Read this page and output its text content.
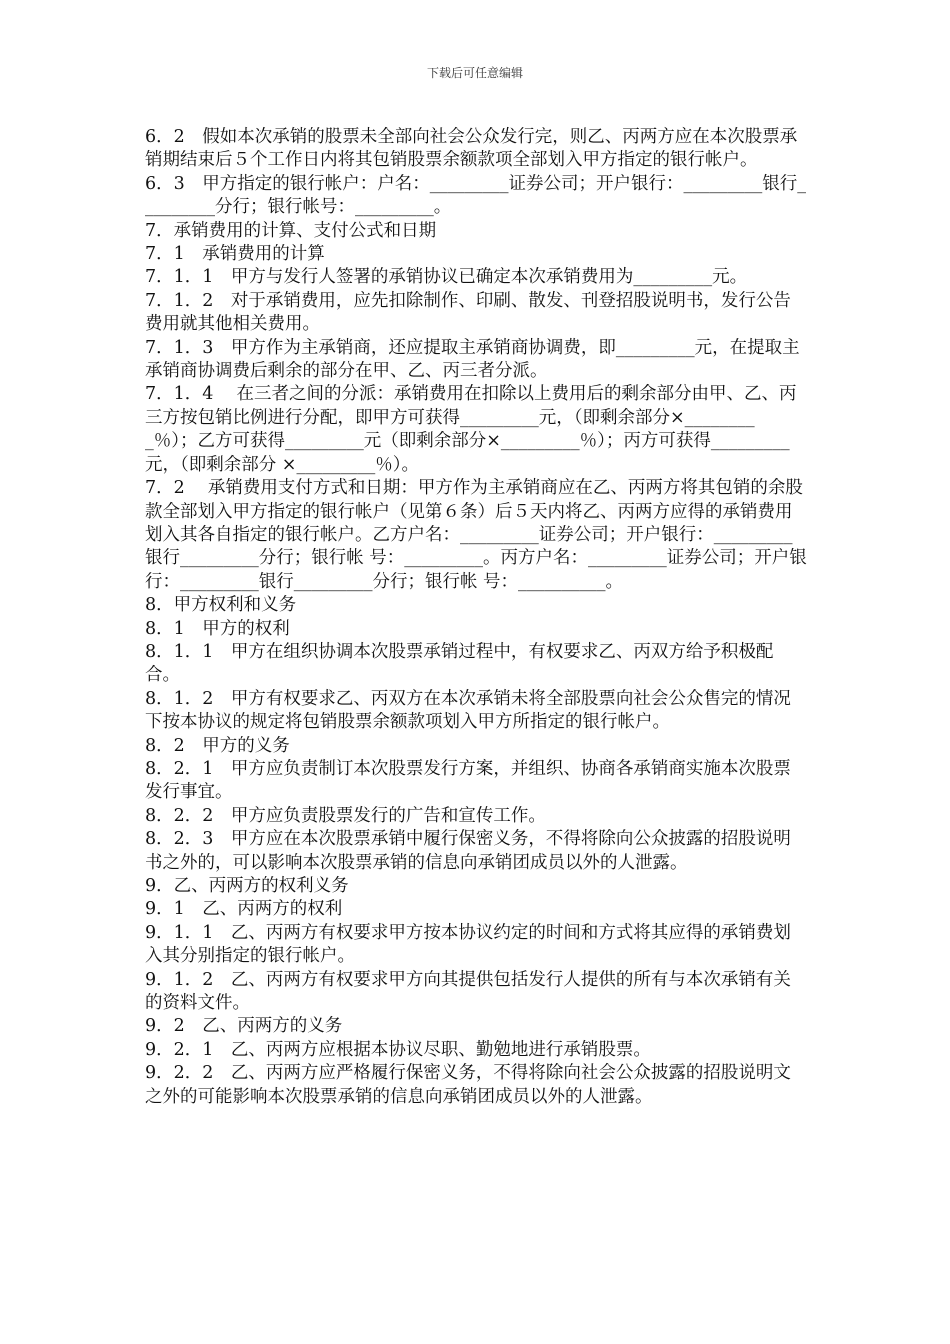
下载后可任意编辑

6．2　假如本次承销的股票未全部向社会公众发行完，则乙、丙两方应在本次股票承销期结束后５个工作日内将其包销股票余额款项全部划入甲方指定的银行帐户。

6．3　甲方指定的银行帐户：户名：_________证券公司；开户银行：_________银行_________分行；银行帐号：_________。

7．承销费用的计算、支付公式和日期

7．1　承销费用的计算

7．1．1　甲方与发行人签署的承销协议已确定本次承销费用为_________元。

7．1．2　对于承销费用，应先扣除制作、印刷、散发、刊登招股说明书，发行公告费用就其他相关费用。

7．1．3　甲方作为主承销商，还应提取主承销商协调费，即_________元，在提取主承销商协调费后剩余的部分在甲、乙、丙三者分派。

7．1．4　 在三者之间的分派：承销费用在扣除以上费用后的剩余部分由甲、乙、丙三方按包销比例进行分配，即甲方可获得_________元，（即剩余部分×_________％）；乙方可获得_________元（即剩余部分×_________％）；丙方可获得_________元，（即剩余部分 ×_________％）。

7．2　 承销费用支付方式和日期：甲方作为主承销商应在乙、丙两方将其包销的余股款全部划入甲方指定的银行帐户（见第６条）后５天内将乙、丙两方应得的承销费用 划入其各自指定的银行帐户。乙方户名：_________证券公司；开户银行：_________银行_________分行；银行帐 号：_________。丙方户名：_________证券公司；开户银行：_________银行_________分行；银行帐 号：__________。

8．甲方权利和义务

8．1　甲方的权利

8．1．1　甲方在组织协调本次股票承销过程中，有权要求乙、丙双方给予积极配合。

8．1．2　甲方有权要求乙、丙双方在本次承销未将全部股票向社会公众售完的情况下按本协议的规定将包销股票余额款项划入甲方所指定的银行帐户。

8．2　甲方的义务

8．2．1　甲方应负责制订本次股票发行方案，并组织、协商各承销商实施本次股票发行事宜。

8．2．2　甲方应负责股票发行的广告和宣传工作。

8．2．3　甲方应在本次股票承销中履行保密义务，不得将除向公众披露的招股说明书之外的，可以影响本次股票承销的信息向承销团成员以外的人泄露。

9．乙、丙两方的权利义务

9．1　乙、丙两方的权利

9．1．1　乙、丙两方有权要求甲方按本协议约定的时间和方式将其应得的承销费划入其分别指定的银行帐户。

9．1．2　乙、丙两方有权要求甲方向其提供包括发行人提供的所有与本次承销有关的资料文件。

9．2　乙、丙两方的义务

9．2．1　乙、丙两方应根据本协议尽职、勤勉地进行承销股票。

9．2．2　乙、丙两方应严格履行保密义务，不得将除向社会公众披露的招股说明文之外的可能影响本次股票承销的信息向承销团成员以外的人泄露。
